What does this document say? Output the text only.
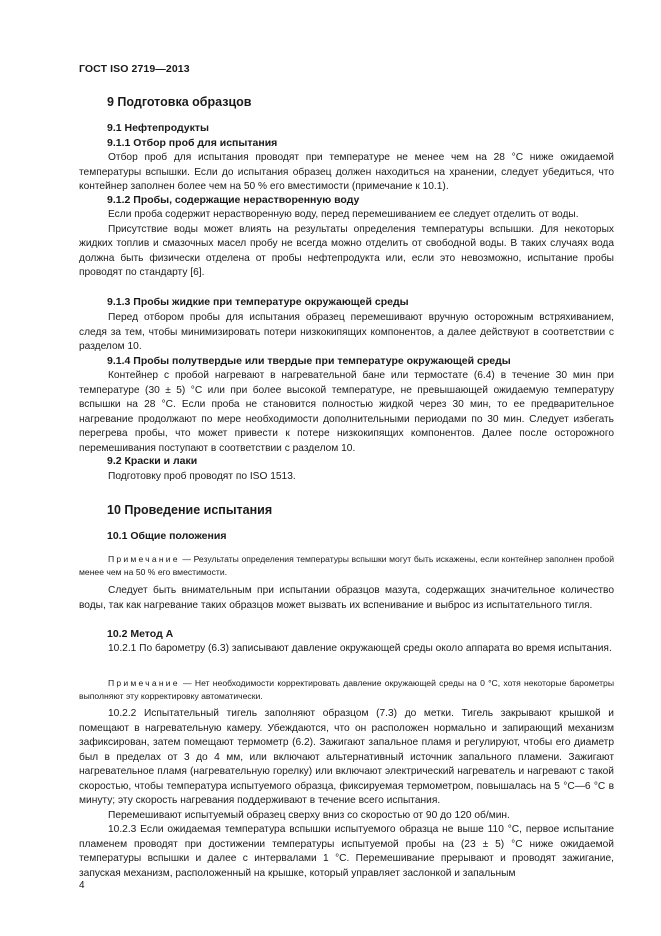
ГОСТ ISO 2719—2013
9 Подготовка образцов
9.1 Нефтепродукты
9.1.1 Отбор проб для испытания

Отбор проб для испытания проводят при температуре не менее чем на 28 °C ниже ожидаемой температуры вспышки. Если до испытания образец должен находиться на хранении, следует убедиться, что контейнер заполнен более чем на 50 % его вместимости (примечание к 10.1).

9.1.2 Пробы, содержащие нерастворенную воду

Если проба содержит нерастворенную воду, перед перемешиванием ее следует отделить от воды.

Присутствие воды может влиять на результаты определения температуры вспышки. Для некоторых жидких топлив и смазочных масел пробу не всегда можно отделить от свободной воды. В таких случаях вода должна быть физически отделена от пробы нефтепродукта или, если это невозможно, испытание пробы проводят по стандарту [6].

9.1.3 Пробы жидкие при температуре окружающей среды

Перед отбором пробы для испытания образец перемешивают вручную осторожным встряхиванием, следя за тем, чтобы минимизировать потери низкокипящих компонентов, а далее действуют в соответствии с разделом 10.

9.1.4 Пробы полутвердые или твердые при температуре окружающей среды

Контейнер с пробой нагревают в нагревательной бане или термостате (6.4) в течение 30 мин при температуре (30 ± 5) °C или при более высокой температуре, не превышающей ожидаемую температуру вспышки на 28 °C. Если проба не становится полностью жидкой через 30 мин, то ее предварительное нагревание продолжают по мере необходимости дополнительными периодами по 30 мин. Следует избегать перегрева пробы, что может привести к потере низкокипящих компонентов. Далее после осторожного перемешивания поступают в соответствии с разделом 10.

9.2 Краски и лаки

Подготовку проб проводят по ISO 1513.

10 Проведение испытания
10.1 Общие положения

Примечание — Результаты определения температуры вспышки могут быть искажены, если контейнер заполнен пробой менее чем на 50 % его вместимости.

Следует быть внимательным при испытании образцов мазута, содержащих значительное количество воды, так как нагревание таких образцов может вызвать их вспенивание и выброс из испытательного тигля.

10.2 Метод А

10.2.1 По барометру (6.3) записывают давление окружающей среды около аппарата во время испытания.

Примечание — Нет необходимости корректировать давление окружающей среды на 0 °C, хотя некоторые барометры выполняют эту корректировку автоматически.

10.2.2 Испытательный тигель заполняют образцом (7.3) до метки. Тигель закрывают крышкой и помещают в нагревательную камеру. Убеждаются, что он расположен нормально и запирающий механизм зафиксирован, затем помещают термометр (6.2). Зажигают запальное пламя и регулируют, чтобы его диаметр был в пределах от 3 до 4 мм, или включают альтернативный источник запального пламени. Зажигают нагревательное пламя (нагревательную горелку) или включают электрический нагреватель и нагревают с такой скоростью, чтобы температура испытуемого образца, фиксируемая термометром, повышалась на 5 °C—6 °C в минуту; эту скорость нагревания поддерживают в течение всего испытания.

Перемешивают испытуемый образец сверху вниз со скоростью от 90 до 120 об/мин.

10.2.3 Если ожидаемая температура вспышки испытуемого образца не выше 110 °C, первое испытание пламенем проводят при достижении температуры испытуемой пробы на (23 ± 5) °C ниже ожидаемой температуры вспышки и далее с интервалами 1 °C. Перемешивание прерывают и проводят зажигание, запуская механизм, расположенный на крышке, который управляет заслонкой и запальным

4
